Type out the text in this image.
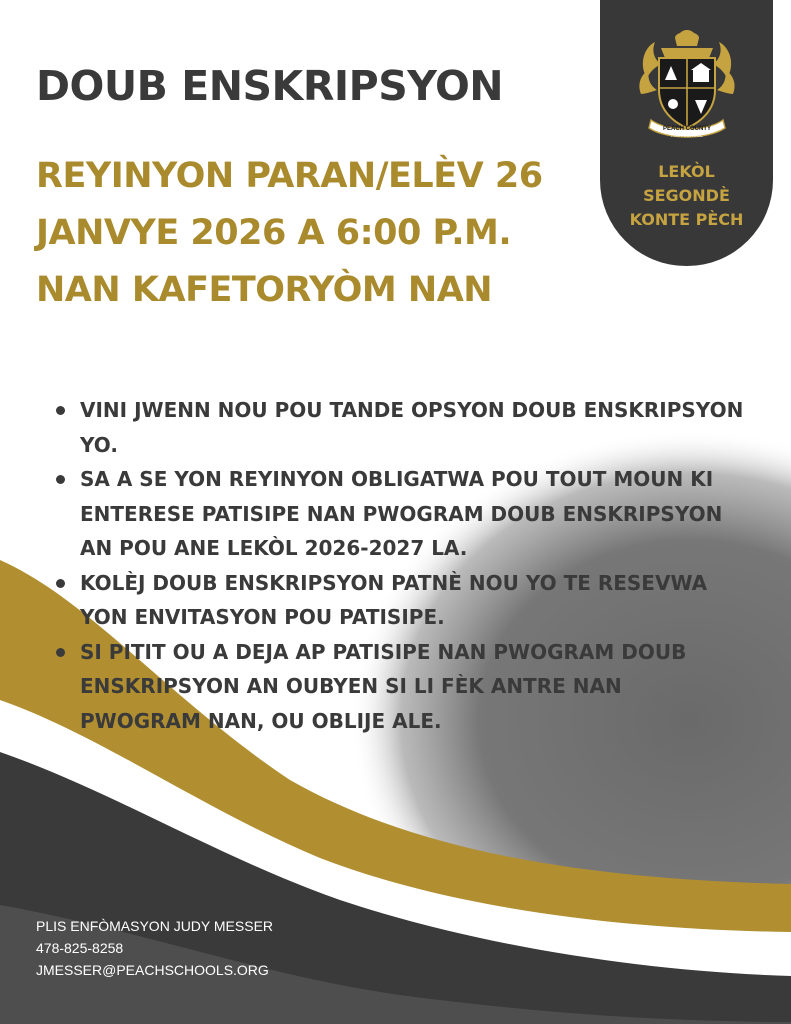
DOUB ENSKRIPSYON
REYINYON PARAN/ELÈV 26
JANVYE 2026 A 6:00 P.M.
NAN KAFETORYÒM NAN
PEACH COUNTY
HIGH SCHOOL
LEKÒL
SEGONDÈ
KONTE PÈCH
VINI JWENN NOU POU TANDE OPSYON DOUB ENSKRIPSYON YO.
SA A SE YON REYINYON OBLIGATWA POU TOUT MOUN KI ENTERESE PATISIPE NAN PWOGRAM DOUB ENSKRIPSYON AN POU ANE LEKÒL 2026-2027 LA.
KOLÈJ DOUB ENSKRIPSYON PATNÈ NOU YO TE RESEVWA YON ENVITASYON POU PATISIPE.
SI PITIT OU A DEJA AP PATISIPE NAN PWOGRAM DOUB ENSKRIPSYON AN OUBYEN SI LI FÈK ANTRE NAN PWOGRAM NAN, OU OBLIJE ALE.
PLIS ENFÒMASYON JUDY MESSER
478-825-8258
JMESSER@PEACHSCHOOLS.ORG
